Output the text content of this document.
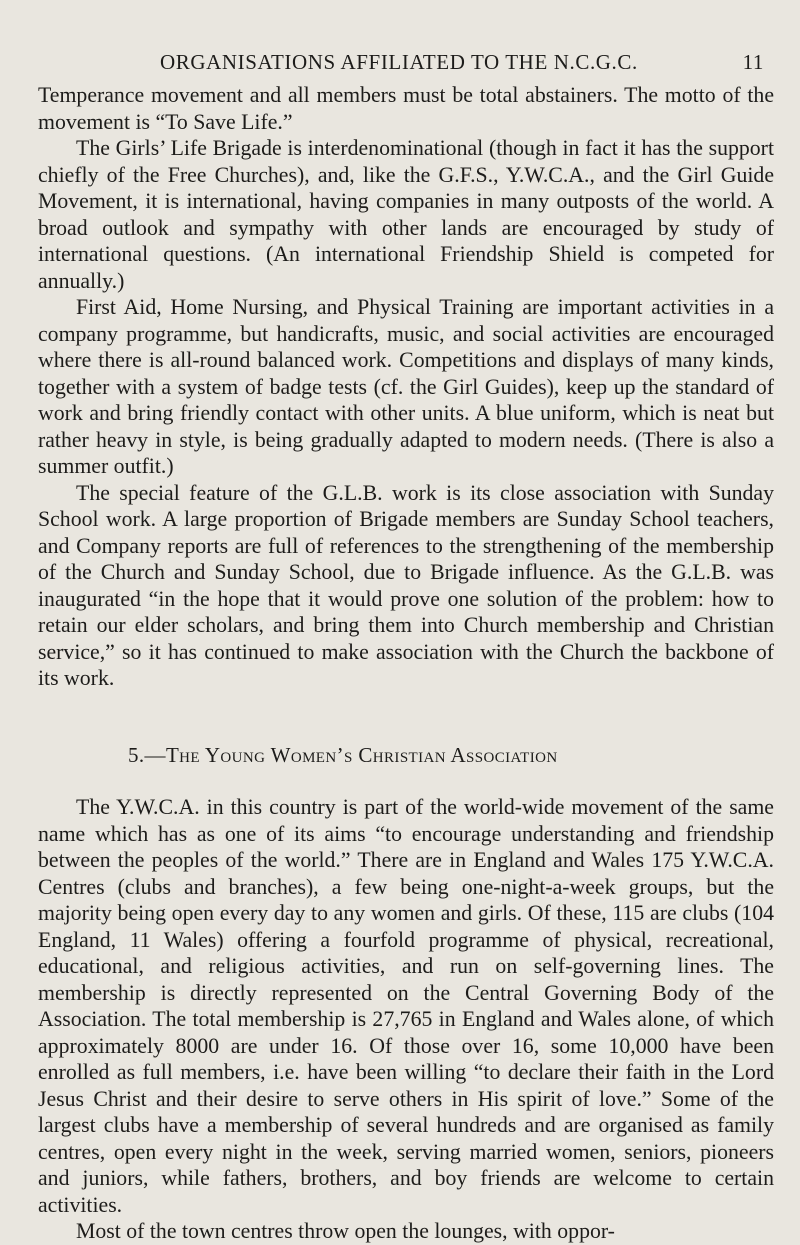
ORGANISATIONS AFFILIATED TO THE N.C.G.C.	11

Temperance movement and all members must be total abstainers. The motto of the movement is “To Save Life.”

The Girls’ Life Brigade is interdenominational (though in fact it has the support chiefly of the Free Churches), and, like the G.F.S., Y.W.C.A., and the Girl Guide Movement, it is international, having companies in many outposts of the world. A broad outlook and sympathy with other lands are encouraged by study of international questions. (An international Friendship Shield is competed for annually.)

First Aid, Home Nursing, and Physical Training are important activities in a company programme, but handicrafts, music, and social activities are encouraged where there is all-round balanced work. Competitions and displays of many kinds, together with a system of badge tests (cf. the Girl Guides), keep up the standard of work and bring friendly contact with other units. A blue uniform, which is neat but rather heavy in style, is being gradually adapted to modern needs. (There is also a summer outfit.)

The special feature of the G.L.B. work is its close association with Sunday School work. A large proportion of Brigade members are Sunday School teachers, and Company reports are full of references to the strengthening of the membership of the Church and Sunday School, due to Brigade influence. As the G.L.B. was inaugurated “in the hope that it would prove one solution of the problem: how to retain our elder scholars, and bring them into Church membership and Christian service,” so it has continued to make association with the Church the backbone of its work.

5.—The Young Women’s Christian Association

The Y.W.C.A. in this country is part of the world-wide movement of the same name which has as one of its aims “to encourage understanding and friendship between the peoples of the world.” There are in England and Wales 175 Y.W.C.A. Centres (clubs and branches), a few being one-night-a-week groups, but the majority being open every day to any women and girls. Of these, 115 are clubs (104 England, 11 Wales) offering a fourfold programme of physical, recreational, educational, and religious activities, and run on self-governing lines. The membership is directly represented on the Central Governing Body of the Association. The total membership is 27,765 in England and Wales alone, of which approximately 8000 are under 16. Of those over 16, some 10,000 have been enrolled as full members, i.e. have been willing “to declare their faith in the Lord Jesus Christ and their desire to serve others in His spirit of love.” Some of the largest clubs have a membership of several hundreds and are organised as family centres, open every night in the week, serving married women, seniors, pioneers and juniors, while fathers, brothers, and boy friends are welcome to certain activities.

Most of the town centres throw open the lounges, with oppor-
